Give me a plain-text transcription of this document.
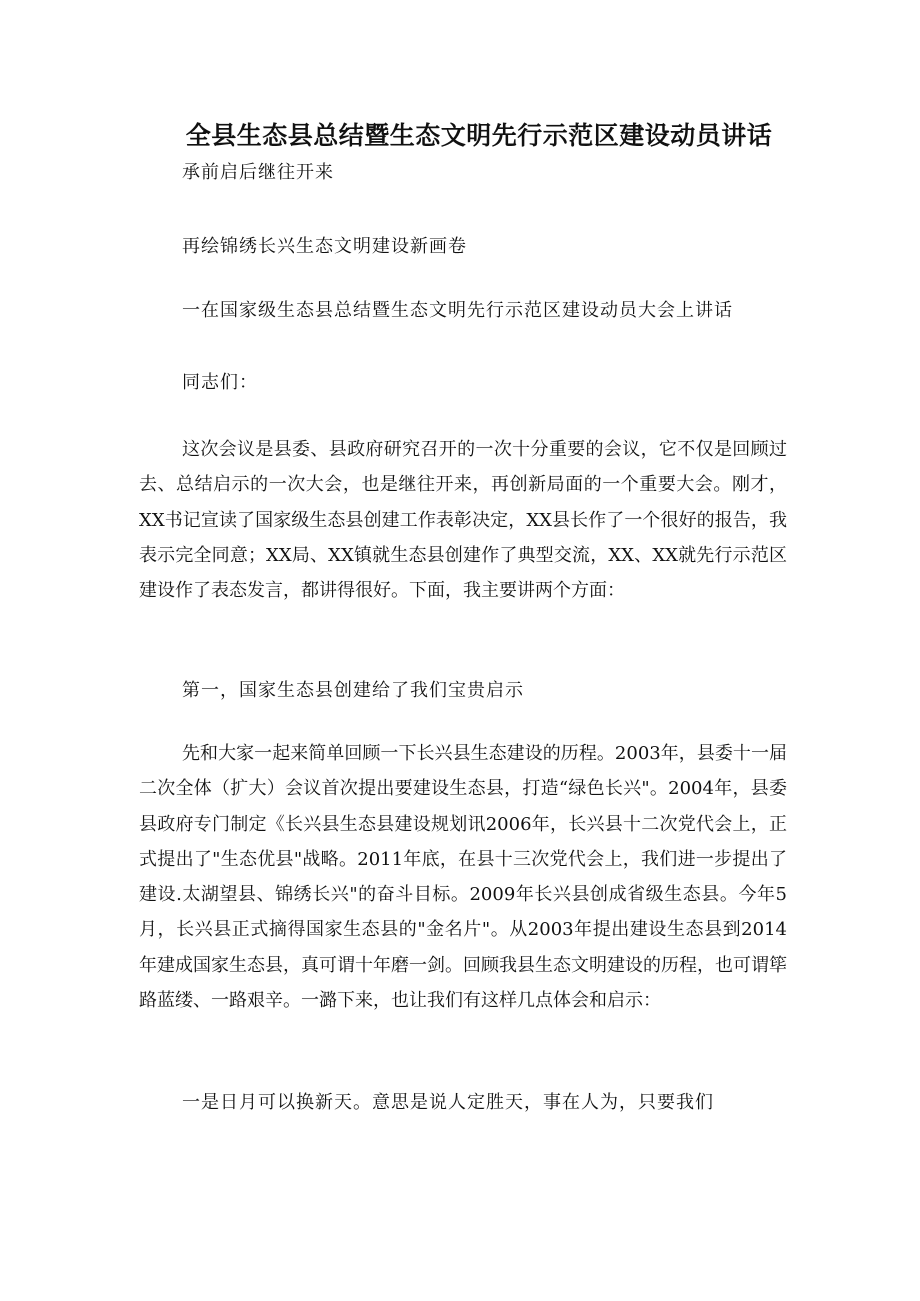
全县生态县总结暨生态文明先行示范区建设动员讲话
承前启后继往开来
再绘锦绣长兴生态文明建设新画卷
一在国家级生态县总结暨生态文明先行示范区建设动员大会上讲话
同志们：

这次会议是县委、县政府研究召开的一次十分重要的会议，它不仅是回顾过去、总结启示的一次大会，也是继往开来，再创新局面的一个重要大会。刚才，XX书记宣读了国家级生态县创建工作表彰决定，XX县长作了一个很好的报告，我表示完全同意；XX局、XX镇就生态县创建作了典型交流，XX、XX就先行示范区建设作了表态发言，都讲得很好。下面，我主要讲两个方面：

第一，国家生态县创建给了我们宝贵启示

先和大家一起来简单回顾一下长兴县生态建设的历程。2003年，县委十一届二次全体（扩大）会议首次提出要建设生态县，打造“绿色长兴"。2004年，县委县政府专门制定《长兴县生态县建设规划讯2006年，长兴县十二次党代会上，正式提出了"生态优县"战略。2011年底，在县十三次党代会上，我们进一步提出了建设.太湖望县、锦绣长兴"的奋斗目标。2009年长兴县创成省级生态县。今年5月，长兴县正式摘得国家生态县的"金名片"。从2003年提出建设生态县到2014年建成国家生态县，真可谓十年磨一剑。回顾我县生态文明建设的历程，也可谓筚路蓝缕、一路艰辛。一潞下来，也让我们有这样几点体会和启示：

一是日月可以换新天。意思是说人定胜天，事在人为，只要我们
